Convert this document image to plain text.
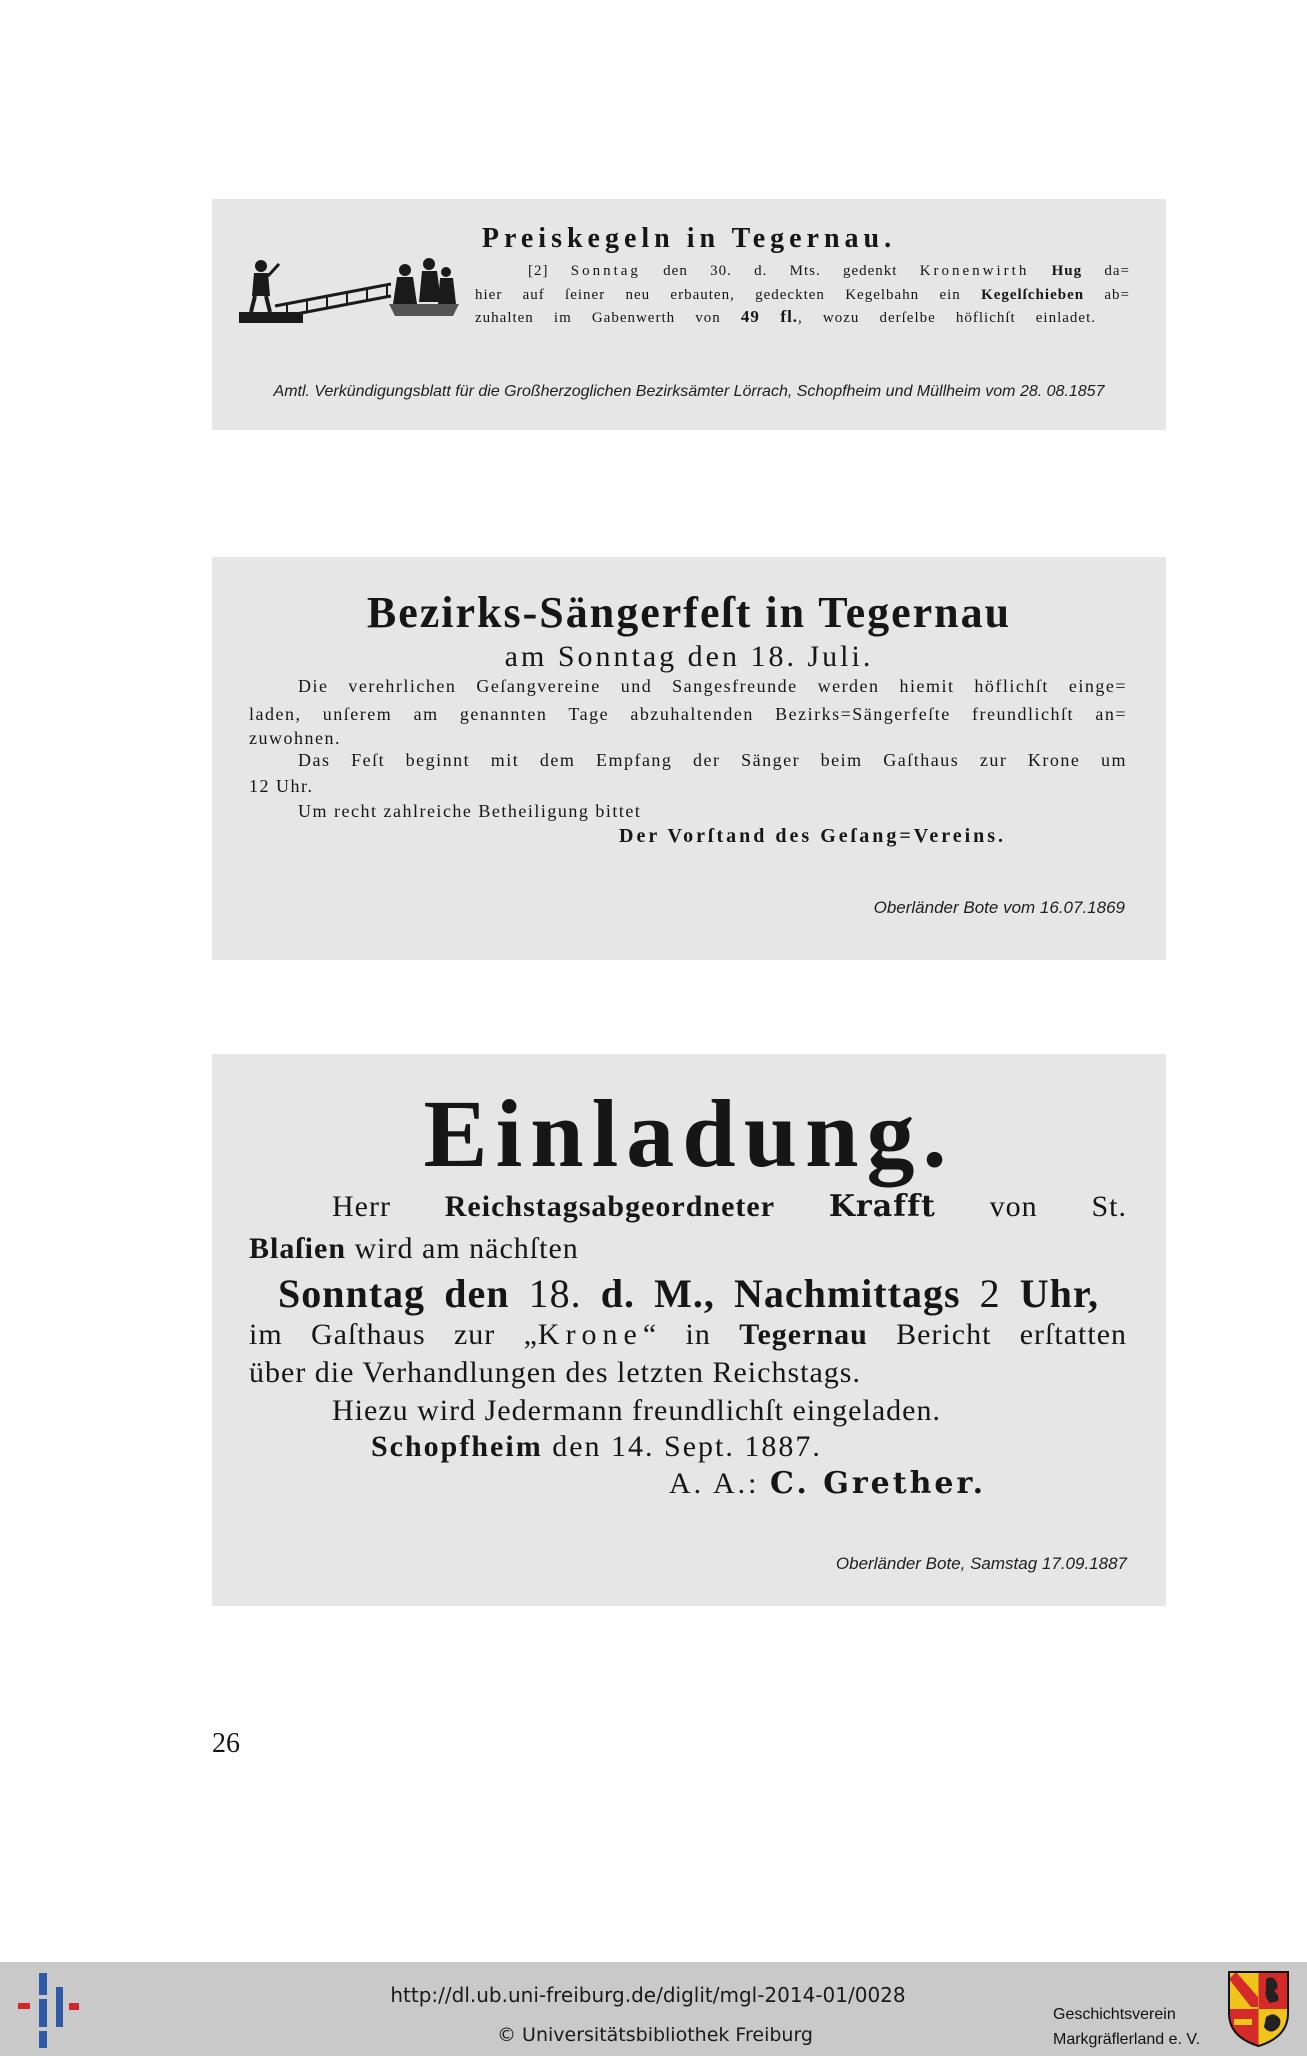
Preiskegeln in Tegernau.
[2] Sonntag den 30. d. Mts. gedenkt Kronenwirth Hug da=
hier auf ſeiner neu erbauten, gedeckten Kegelbahn ein Kegelſchieben ab=
zuhalten im Gabenwerth von 49 fl., wozu derſelbe höflichſt einladet.
Amtl. Verkündigungsblatt für die Großherzoglichen Bezirksämter Lörrach, Schopfheim und Müllheim vom 28. 08.1857
Bezirks-Sängerfeſt in Tegernau
am Sonntag den 18. Juli.
Die verehrlichen Geſangvereine und Sangesfreunde werden hiemit höflichſt einge=
laden, unſerem am genannten Tage abzuhaltenden Bezirks=Sängerfeſte freundlichſt an=
zuwohnen.
Das Feſt beginnt mit dem Empfang der Sänger beim Gaſthaus zur Krone um
12 Uhr.
Um recht zahlreiche Betheiligung bittet
Der Vorſtand des Geſang=Vereins.
Oberländer Bote vom 16.07.1869
Einladung.
Herr Reichstagsabgeordneter Krafft von St.
Blaſien wird am nächſten
Sonntag den 18. d. M., Nachmittags 2 Uhr,
im Gaſthaus zur „Krone“ in Tegernau Bericht erſtatten
über die Verhandlungen des letzten Reichstags.
Hiezu wird Jedermann freundlichſt eingeladen.
Schopfheim den 14. Sept. 1887.
A. A.: C. Grether.
Oberländer Bote, Samstag 17.09.1887
26
http://dl.ub.uni-freiburg.de/diglit/mgl-2014-01/0028
© Universitätsbibliothek Freiburg
Geschichtsverein
Markgräflerland e. V.
